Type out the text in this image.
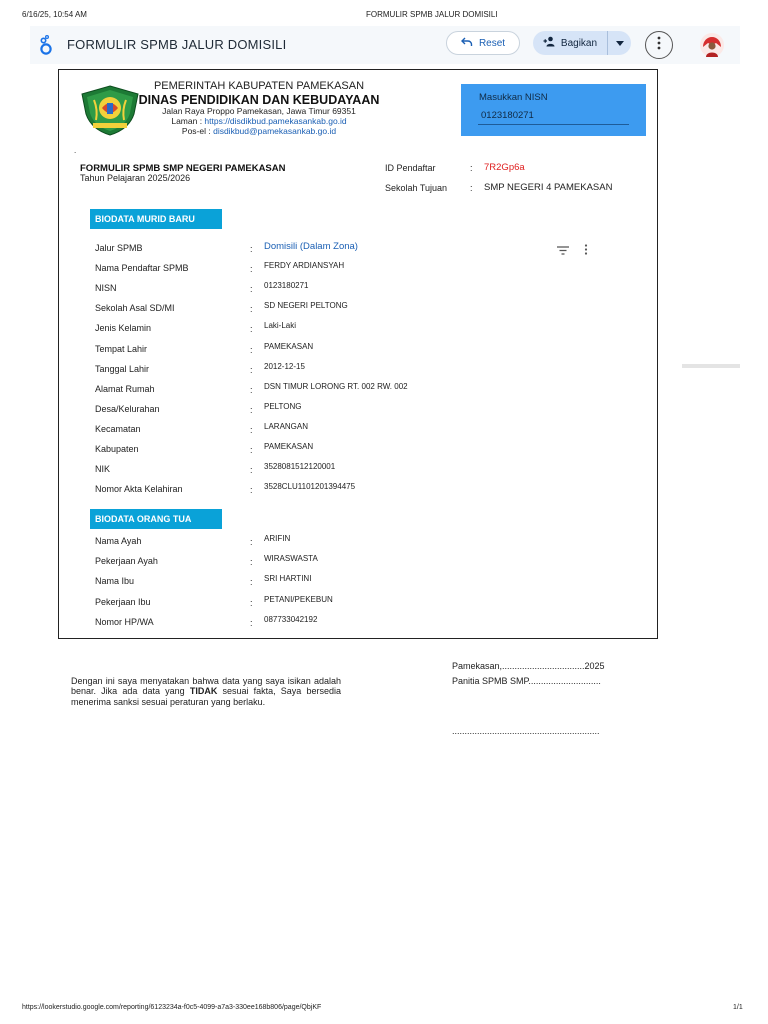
6/16/25, 10:54 AM	FORMULIR SPMB JALUR DOMISILI
FORMULIR SPMB JALUR DOMISILI	Reset	Bagikan
PEMERINTAH KABUPATEN PAMEKASAN
DINAS PENDIDIKAN DAN KEBUDAYAAN
Jalan Raya Proppo Pamekasan, Jawa Timur 69351
Laman : https://disdikbud.pamekasankab.go.id
Pos-el : disdikbud@pamekasankab.go.id
Masukkan NISN
0123180271
.
FORMULIR SPMB SMP NEGERI PAMEKASAN
Tahun Pelajaran 2025/2026
ID Pendaftar	: 7R2Gp6a
Sekolah Tujuan	: SMP NEGERI 4 PAMEKASAN
BIODATA MURID BARU
Jalur SPMB	: Domisili (Dalam Zona)
Nama Pendaftar SPMB	: FERDY ARDIANSYAH
NISN	: 0123180271
Sekolah Asal SD/MI	: SD NEGERI PELTONG
Jenis Kelamin	: Laki-Laki
Tempat Lahir	: PAMEKASAN
Tanggal Lahir	: 2012-12-15
Alamat Rumah	: DSN TIMUR LORONG RT. 002 RW. 002
Desa/Kelurahan	: PELTONG
Kecamatan	: LARANGAN
Kabupaten	: PAMEKASAN
NIK	: 3528081512120001
Nomor Akta Kelahiran	: 3528CLU1101201394475
BIODATA ORANG TUA
Nama Ayah	: ARIFIN
Pekerjaan Ayah	: WIRASWASTA
Nama Ibu	: SRI HARTINI
Pekerjaan Ibu	: PETANI/PEKEBUN
Nomor HP/WA	: 087733042192
Dengan ini saya menyatakan bahwa data yang saya isikan adalah benar. Jika ada data yang TIDAK sesuai fakta, Saya bersedia menerima sanksi sesuai peraturan yang berlaku.
Pamekasan,.................................2025
Panitia SPMB SMP.............................
...........................................................
https://lookerstudio.google.com/reporting/6123234a-f0c5-4099-a7a3-330ee168b806/page/QbjKF	1/1
